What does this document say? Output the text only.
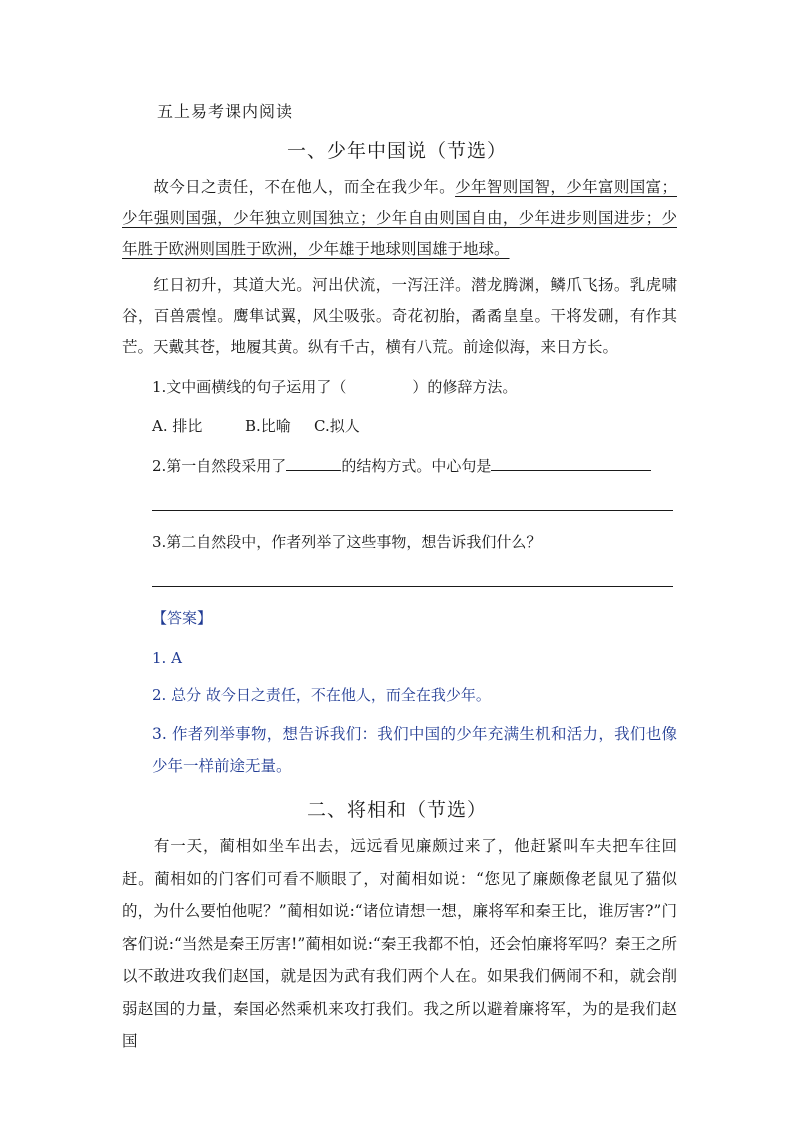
五上易考课内阅读
一、少年中国说（节选）

故今日之责任，不在他人，而全在我少年。少年智则国智，少年富则国富；少年强则国强，少年独立则国独立；少年自由则国自由，少年进步则国进步；少年胜于欧洲则国胜于欧洲，少年雄于地球则国雄于地球。

红日初升，其道大光。河出伏流，一泻汪洋。潜龙腾渊，鳞爪飞扬。乳虎啸谷，百兽震惶。鹰隼试翼，风尘吸张。奇花初胎，矞矞皇皇。干将发硎，有作其芒。天戴其苍，地履其黄。纵有千古，横有八荒。前途似海，来日方长。

1.文中画横线的句子运用了（	）的修辞方法。
A. 排比	B.比喻 C.拟人
2.第一自然段采用了	的结构方式。中心句是
3.第二自然段中，作者列举了这些事物，想告诉我们什么？
【答案】
1. A
2. 总分 故今日之责任，不在他人，而全在我少年。

3. 作者列举事物，想告诉我们：我们中国的少年充满生机和活力，我们也像少年一样前途无量。

二、将相和（节选）

有一天，蔺相如坐车出去，远远看见廉颇过来了，他赶紧叫车夫把车往回赶。蔺相如的门客们可看不顺眼了，对蔺相如说：“您见了廉颇像老鼠见了猫似的，为什么要怕他呢？”蔺相如说:“诸位请想一想，廉将军和秦王比，谁厉害?”门客们说:“当然是秦王厉害!”蔺相如说:“秦王我都不怕，还会怕廉将军吗？秦王之所以不敢进攻我们赵国，就是因为武有我们两个人在。如果我们俩闹不和，就会削弱赵国的力量，秦国必然乘机来攻打我们。我之所以避着廉将军，为的是我们赵国
